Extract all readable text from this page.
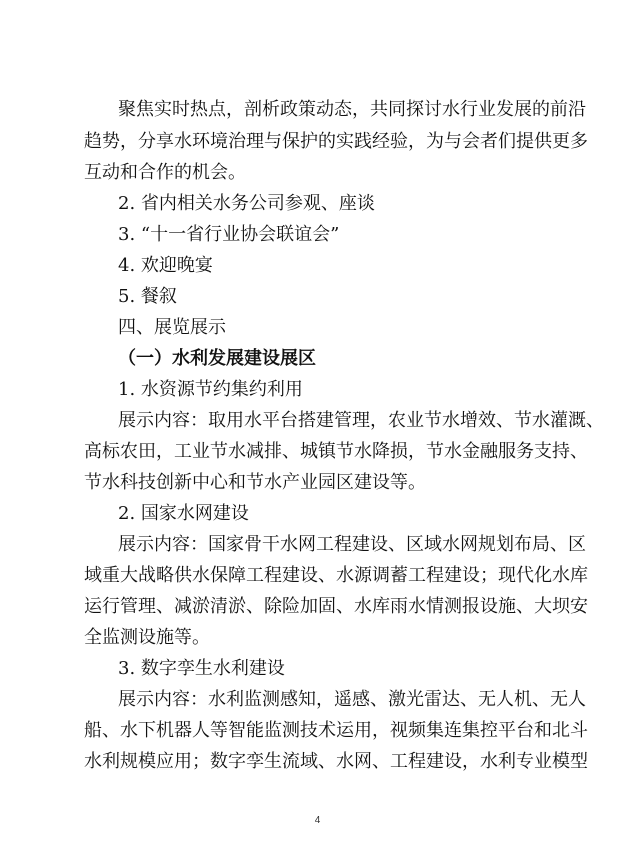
聚焦实时热点，剖析政策动态，共同探讨水行业发展的前沿
趋势，分享水环境治理与保护的实践经验，为与会者们提供更多
互动和合作的机会。
2. 省内相关水务公司参观、座谈
3. “十一省行业协会联谊会”
4. 欢迎晚宴
5. 餐叙
四、展览展示
（一）水利发展建设展区
1. 水资源节约集约利用
展示内容：取用水平台搭建管理，农业节水增效、节水灌溉、
高标农田，工业节水减排、城镇节水降损，节水金融服务支持、
节水科技创新中心和节水产业园区建设等。
2. 国家水网建设
展示内容：国家骨干水网工程建设、区域水网规划布局、区
域重大战略供水保障工程建设、水源调蓄工程建设；现代化水库
运行管理、减淤清淤、除险加固、水库雨水情测报设施、大坝安
全监测设施等。
3. 数字孪生水利建设
展示内容：水利监测感知，遥感、激光雷达、无人机、无人
船、水下机器人等智能监测技术运用，视频集连集控平台和北斗
水利规模应用；数字孪生流域、水网、工程建设，水利专业模型
4
